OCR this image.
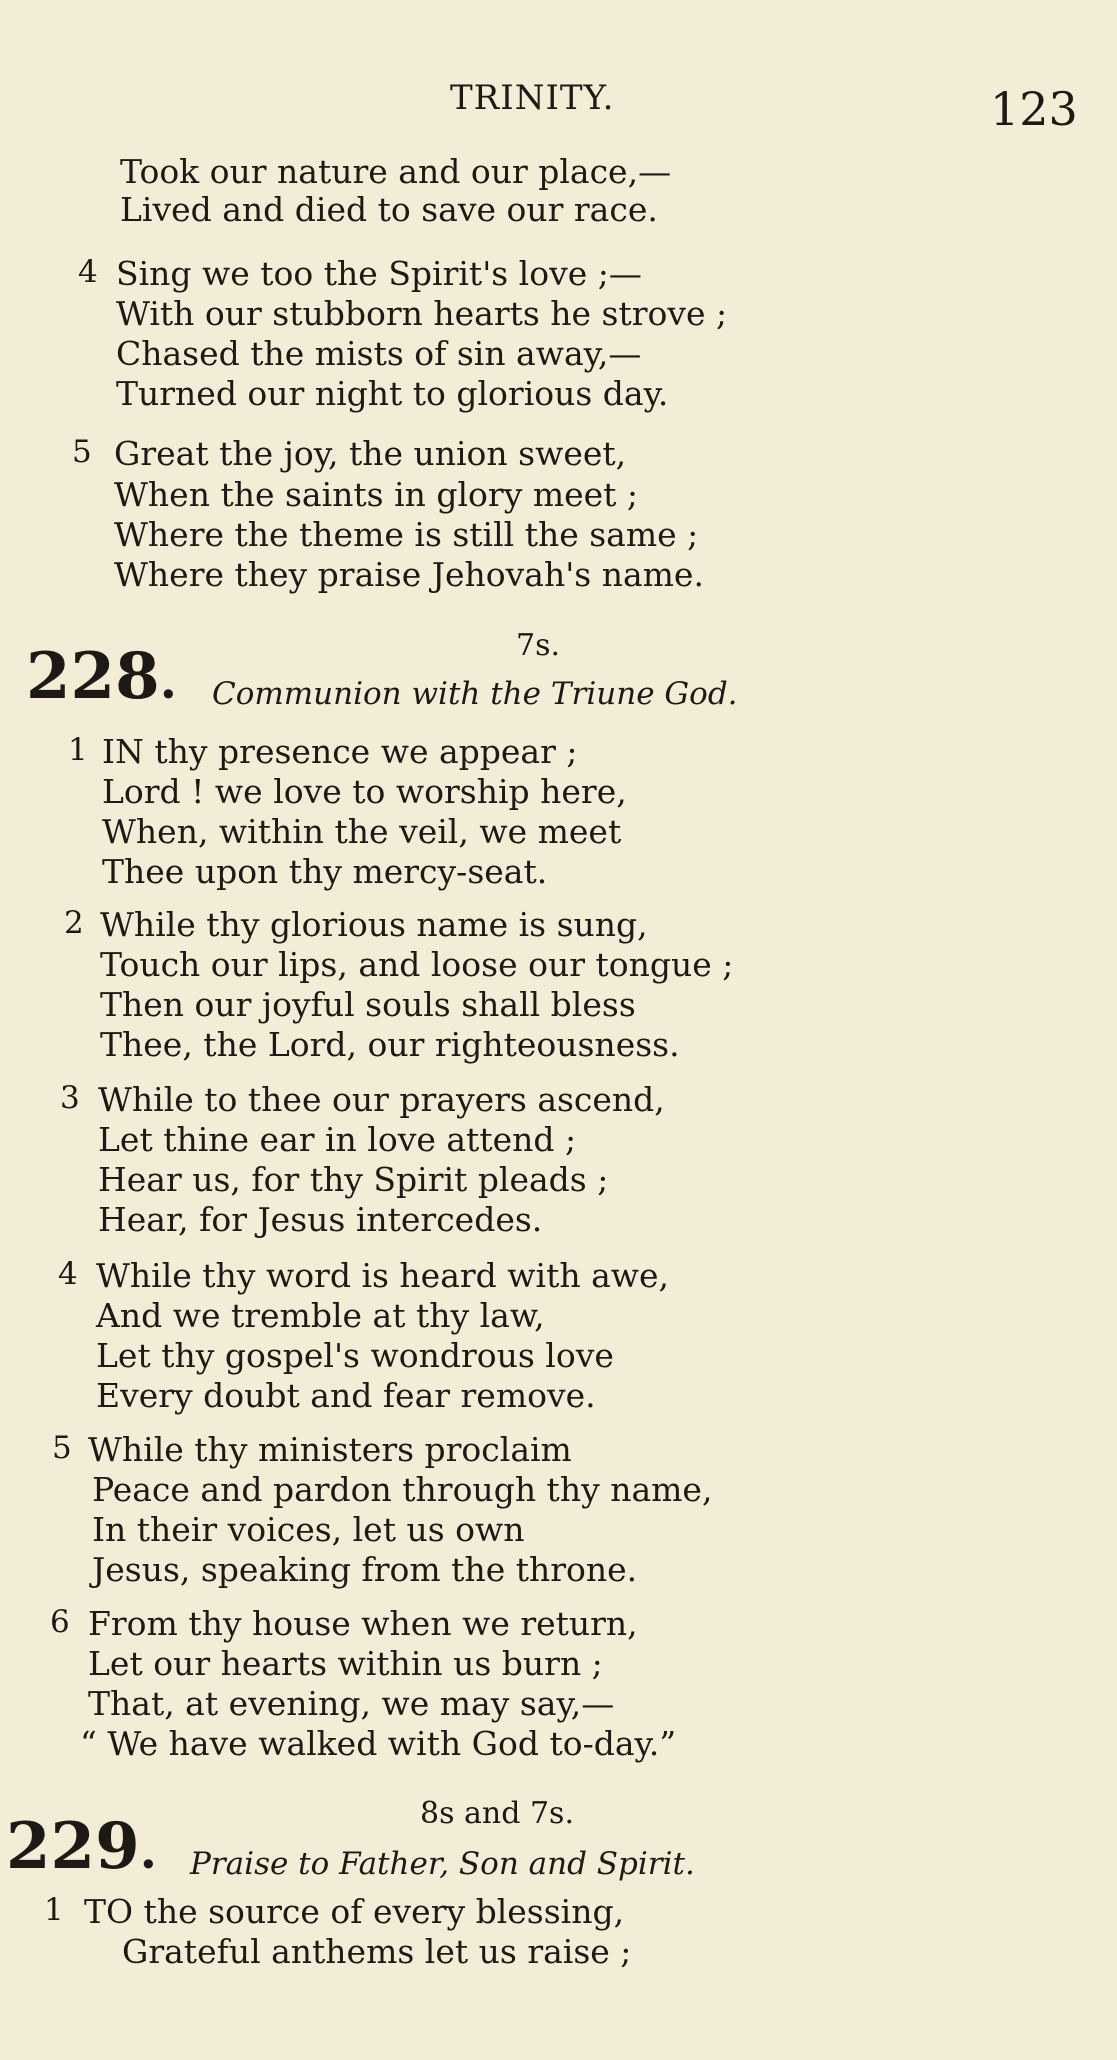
TRINITY.	123
Took our nature and our place,—
Lived and died to save our race.
4 Sing we too the Spirit's love ;—
With our stubborn hearts he strove ;
Chased the mists of sin away,—
Turned our night to glorious day.
5 Great the joy, the union sweet,
When the saints in glory meet ;
Where the theme is still the same ;
Where they praise Jehovah's name.
228.
7s.
Communion with the Triune God.
1 IN thy presence we appear ;
Lord ! we love to worship here,
When, within the veil, we meet
Thee upon thy mercy-seat.
2 While thy glorious name is sung,
Touch our lips, and loose our tongue ;
Then our joyful souls shall bless
Thee, the Lord, our righteousness.
3 While to thee our prayers ascend,
Let thine ear in love attend ;
Hear us, for thy Spirit pleads ;
Hear, for Jesus intercedes.
4 While thy word is heard with awe,
And we tremble at thy law,
Let thy gospel's wondrous love
Every doubt and fear remove.
5 While thy ministers proclaim
Peace and pardon through thy name,
In their voices, let us own
Jesus, speaking from the throne.
6 From thy house when we return,
Let our hearts within us burn ;
That, at evening, we may say,—
“ We have walked with God to-day.”
229.
8s and 7s.
Praise to Father, Son and Spirit.
1 TO the source of every blessing,
Grateful anthems let us raise ;
